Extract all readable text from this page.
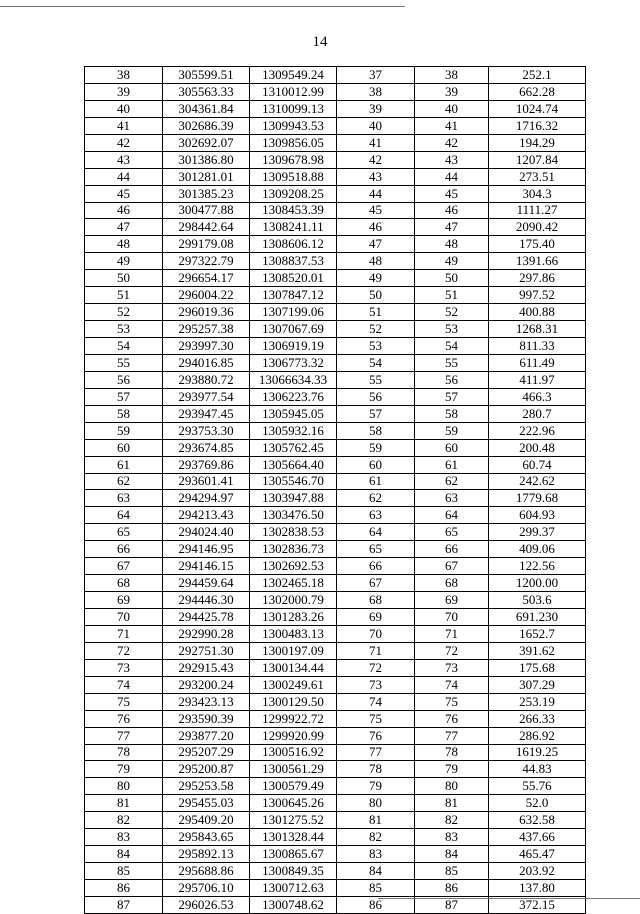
14
38	305599.51	1309549.24	37	38	252.1
39	305563.33	1310012.99	38	39	662.28
40	304361.84	1310099.13	39	40	1024.74
41	302686.39	1309943.53	40	41	1716.32
42	302692.07	1309856.05	41	42	194.29
43	301386.80	1309678.98	42	43	1207.84
44	301281.01	1309518.88	43	44	273.51
45	301385.23	1309208.25	44	45	304.3
46	300477.88	1308453.39	45	46	1111.27
47	298442.64	1308241.11	46	47	2090.42
48	299179.08	1308606.12	47	48	175.40
49	297322.79	1308837.53	48	49	1391.66
50	296654.17	1308520.01	49	50	297.86
51	296004.22	1307847.12	50	51	997.52
52	296019.36	1307199.06	51	52	400.88
53	295257.38	1307067.69	52	53	1268.31
54	293997.30	1306919.19	53	54	811.33
55	294016.85	1306773.32	54	55	611.49
56	293880.72	13066634.33	55	56	411.97
57	293977.54	1306223.76	56	57	466.3
58	293947.45	1305945.05	57	58	280.7
59	293753.30	1305932.16	58	59	222.96
60	293674.85	1305762.45	59	60	200.48
61	293769.86	1305664.40	60	61	60.74
62	293601.41	1305546.70	61	62	242.62
63	294294.97	1303947.88	62	63	1779.68
64	294213.43	1303476.50	63	64	604.93
65	294024.40	1302838.53	64	65	299.37
66	294146.95	1302836.73	65	66	409.06
67	294146.15	1302692.53	66	67	122.56
68	294459.64	1302465.18	67	68	1200.00
69	294446.30	1302000.79	68	69	503.6
70	294425.78	1301283.26	69	70	691.230
71	292990.28	1300483.13	70	71	1652.7
72	292751.30	1300197.09	71	72	391.62
73	292915.43	1300134.44	72	73	175.68
74	293200.24	1300249.61	73	74	307.29
75	293423.13	1300129.50	74	75	253.19
76	293590.39	1299922.72	75	76	266.33
77	293877.20	1299920.99	76	77	286.92
78	295207.29	1300516.92	77	78	1619.25
79	295200.87	1300561.29	78	79	44.83
80	295253.58	1300579.49	79	80	55.76
81	295455.03	1300645.26	80	81	52.0
82	295409.20	1301275.52	81	82	632.58
83	295843.65	1301328.44	82	83	437.66
84	295892.13	1300865.67	83	84	465.47
85	295688.86	1300849.35	84	85	203.92
86	295706.10	1300712.63	85	86	137.80
87	296026.53	1300748.62	86	87	372.15
